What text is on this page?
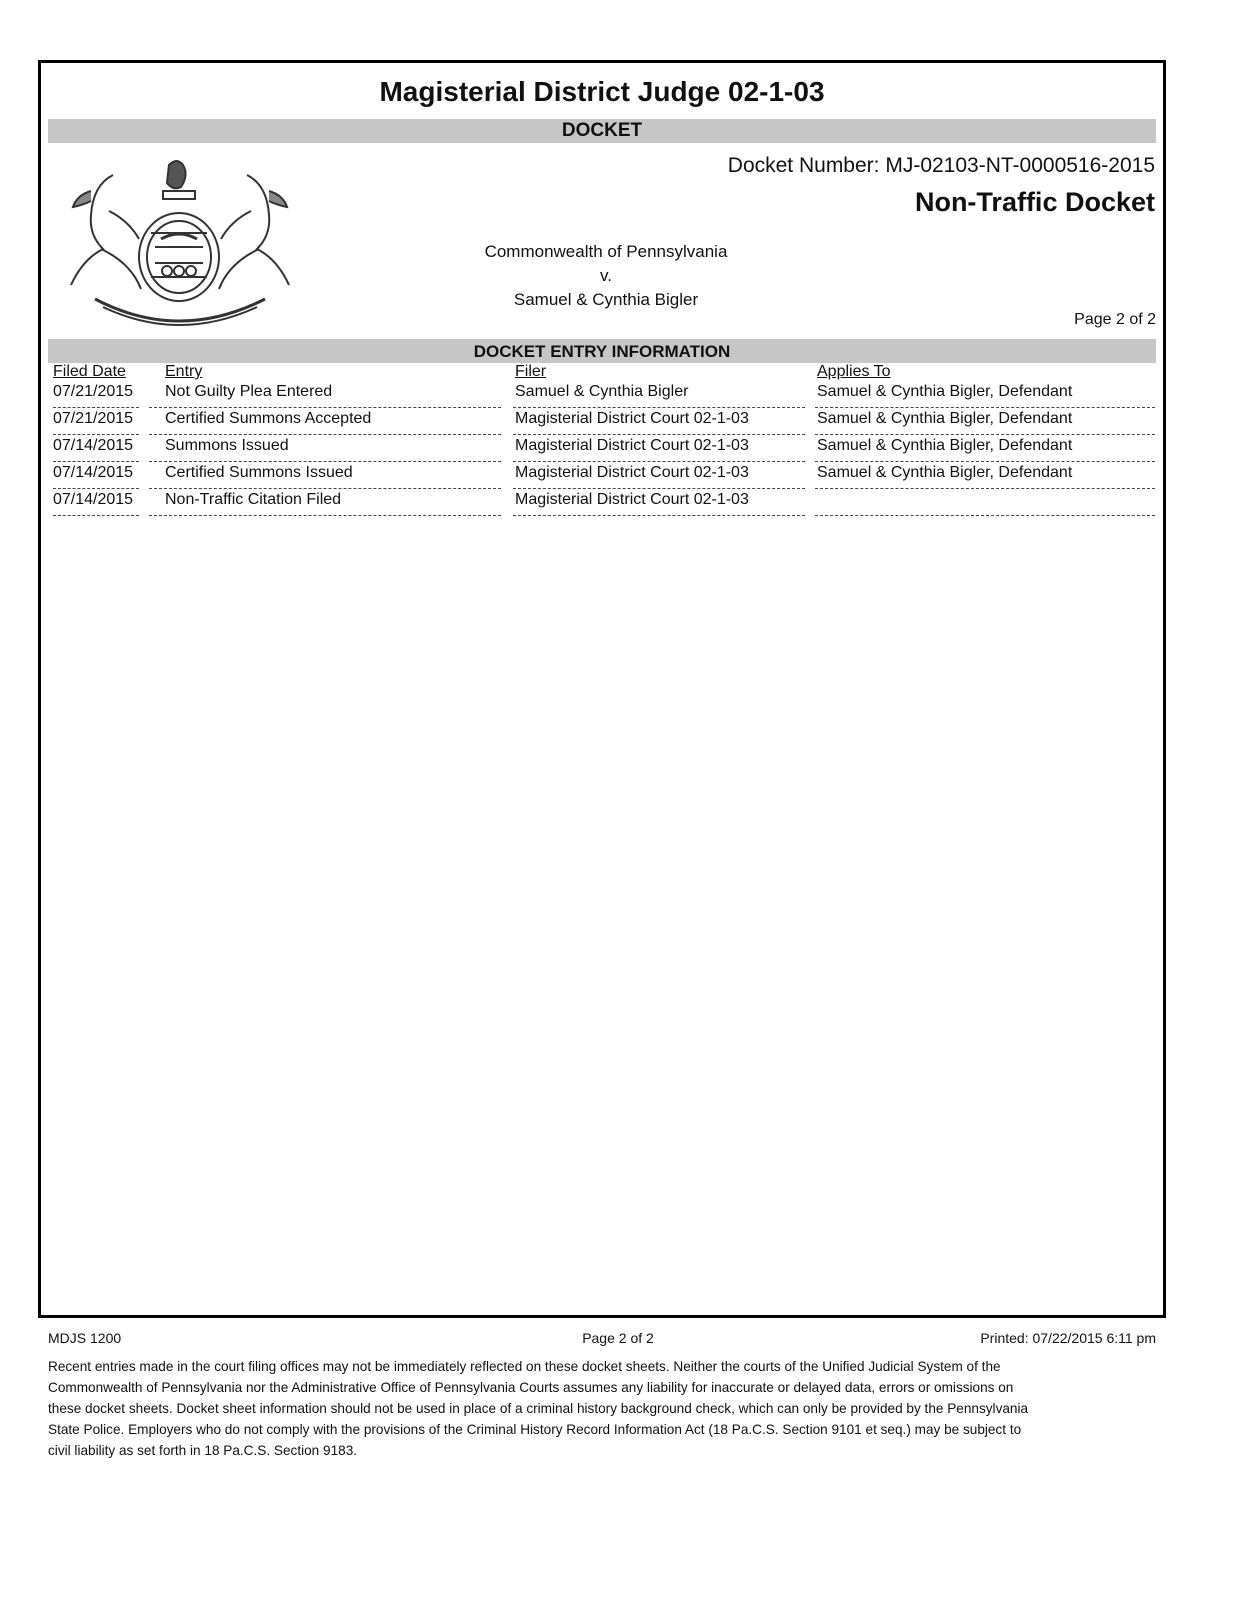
Magisterial District Judge 02-1-03
DOCKET
Docket Number: MJ-02103-NT-0000516-2015
Non-Traffic Docket
Commonwealth of Pennsylvania
v.
Samuel & Cynthia Bigler
Page 2 of 2
DOCKET ENTRY INFORMATION
Filed Date Entry	Filer	Applies To
07/21/2015 Not Guilty Plea Entered	Samuel & Cynthia Bigler	Samuel & Cynthia Bigler, Defendant
07/21/2015 Certified Summons Accepted	Magisterial District Court 02-1-03	Samuel & Cynthia Bigler, Defendant
07/14/2015 Summons Issued	Magisterial District Court 02-1-03	Samuel & Cynthia Bigler, Defendant
07/14/2015 Certified Summons Issued	Magisterial District Court 02-1-03	Samuel & Cynthia Bigler, Defendant
07/14/2015 Non-Traffic Citation Filed	Magisterial District Court 02-1-03
MDJS 1200	Page 2 of 2	Printed: 07/22/2015 6:11 pm
Recent entries made in the court filing offices may not be immediately reflected on these docket sheets. Neither the courts of the Unified Judicial System of the Commonwealth of Pennsylvania nor the Administrative Office of Pennsylvania Courts assumes any liability for inaccurate or delayed data, errors or omissions on these docket sheets. Docket sheet information should not be used in place of a criminal history background check, which can only be provided by the Pennsylvania State Police. Employers who do not comply with the provisions of the Criminal History Record Information Act (18 Pa.C.S. Section 9101 et seq.) may be subject to civil liability as set forth in 18 Pa.C.S. Section 9183.
